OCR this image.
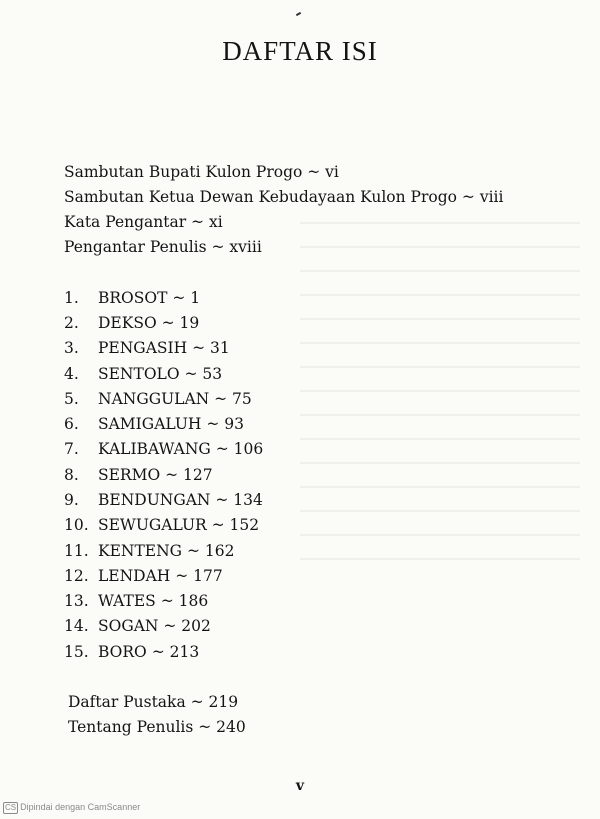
DAFTAR ISI
Sambutan Bupati Kulon Progo ~ vi
Sambutan Ketua Dewan Kebudayaan Kulon Progo ~ viii
Kata Pengantar ~ xi
Pengantar Penulis ~ xviii
1. BROSOT ~ 1
2. DEKSO ~ 19
3. PENGASIH ~ 31
4. SENTOLO ~ 53
5. NANGGULAN ~ 75
6. SAMIGALUH ~ 93
7. KALIBAWANG ~ 106
8. SERMO ~ 127
9. BENDUNGAN ~ 134
10. SEWUGALUR ~ 152
11. KENTENG ~ 162
12. LENDAH ~ 177
13. WATES ~ 186
14. SOGAN ~ 202
15. BORO ~ 213
Daftar Pustaka ~ 219
Tentang Penulis ~ 240
v
CS Dipindai dengan CamScanner
